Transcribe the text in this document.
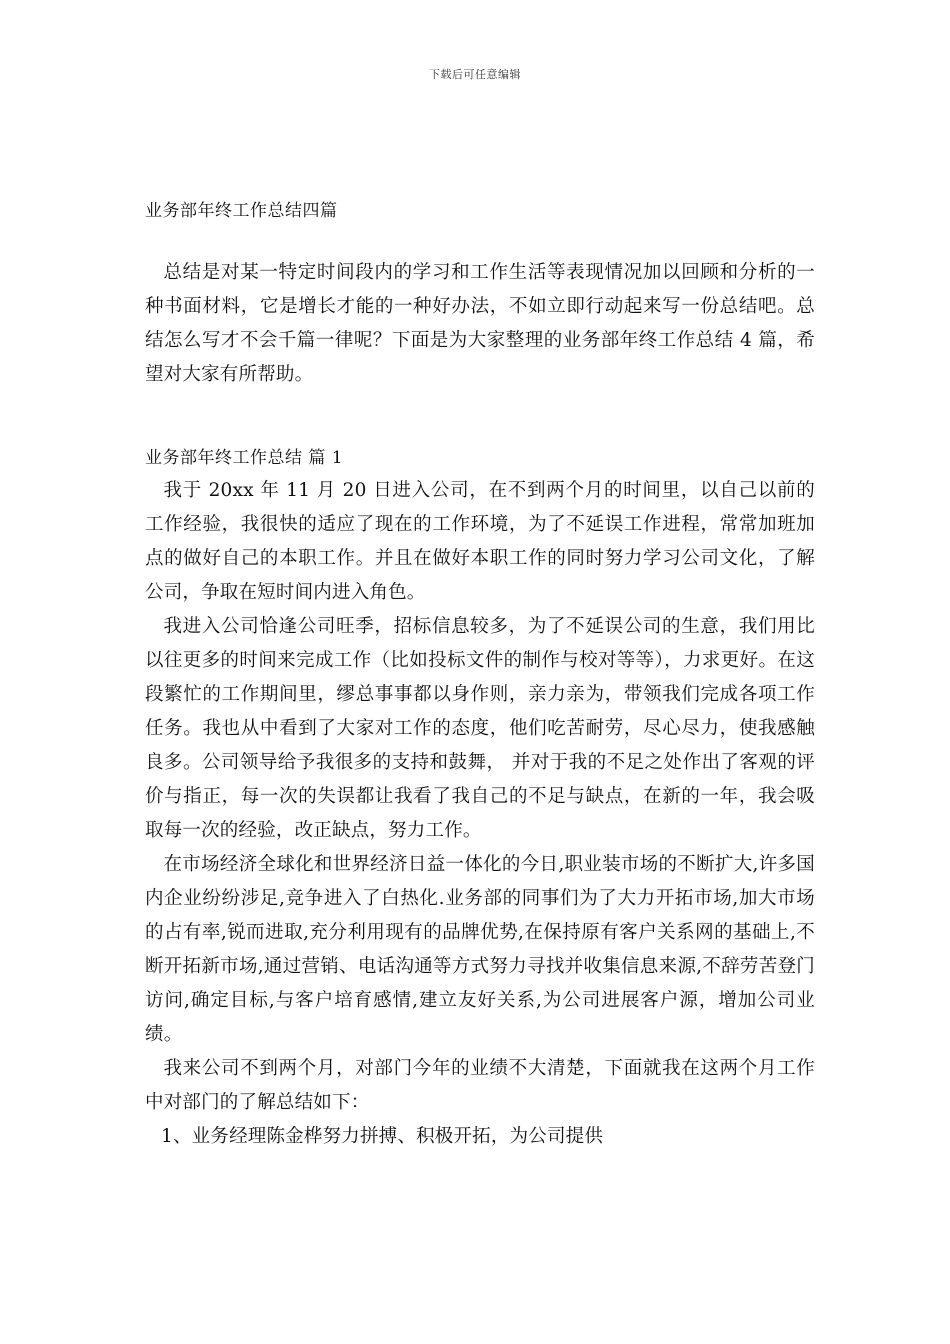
下载后可任意编辑
业务部年终工作总结四篇

总结是对某一特定时间段内的学习和工作生活等表现情况加以回顾和分析的一种书面材料，它是增长才能的一种好办法，不如立即行动起来写一份总结吧。总结怎么写才不会千篇一律呢？下面是为大家整理的业务部年终工作总结 4 篇，希望对大家有所帮助。

业务部年终工作总结 篇 1

我于 20xx 年 11 月 20 日进入公司，在不到两个月的时间里，以自己以前的工作经验，我很快的适应了现在的工作环境，为了不延误工作进程，常常加班加点的做好自己的本职工作。并且在做好本职工作的同时努力学习公司文化，了解公司，争取在短时间内进入角色。

我进入公司恰逢公司旺季，招标信息较多，为了不延误公司的生意，我们用比以往更多的时间来完成工作（比如投标文件的制作与校对等等），力求更好。在这段繁忙的工作期间里，缪总事事都以身作则，亲力亲为，带领我们完成各项工作任务。我也从中看到了大家对工作的态度，他们吃苦耐劳，尽心尽力，使我感触良多。公司领导给予我很多的支持和鼓舞， 并对于我的不足之处作出了客观的评价与指正，每一次的失误都让我看了我自己的不足与缺点，在新的一年，我会吸取每一次的经验，改正缺点，努力工作。

在市场经济全球化和世界经济日益一体化的今日,职业装市场的不断扩大,许多国内企业纷纷涉足,竞争进入了白热化.业务部的同事们为了大力开拓市场,加大市场的占有率,锐而进取,充分利用现有的品牌优势,在保持原有客户关系网的基础上,不断开拓新市场,通过营销、电话沟通等方式努力寻找并收集信息来源,不辞劳苦登门访问,确定目标,与客户培育感情,建立友好关系,为公司进展客户源，增加公司业绩。

我来公司不到两个月，对部门今年的业绩不大清楚，下面就我在这两个月工作中对部门的了解总结如下：

1、业务经理陈金桦努力拼搏、积极开拓，为公司提供
